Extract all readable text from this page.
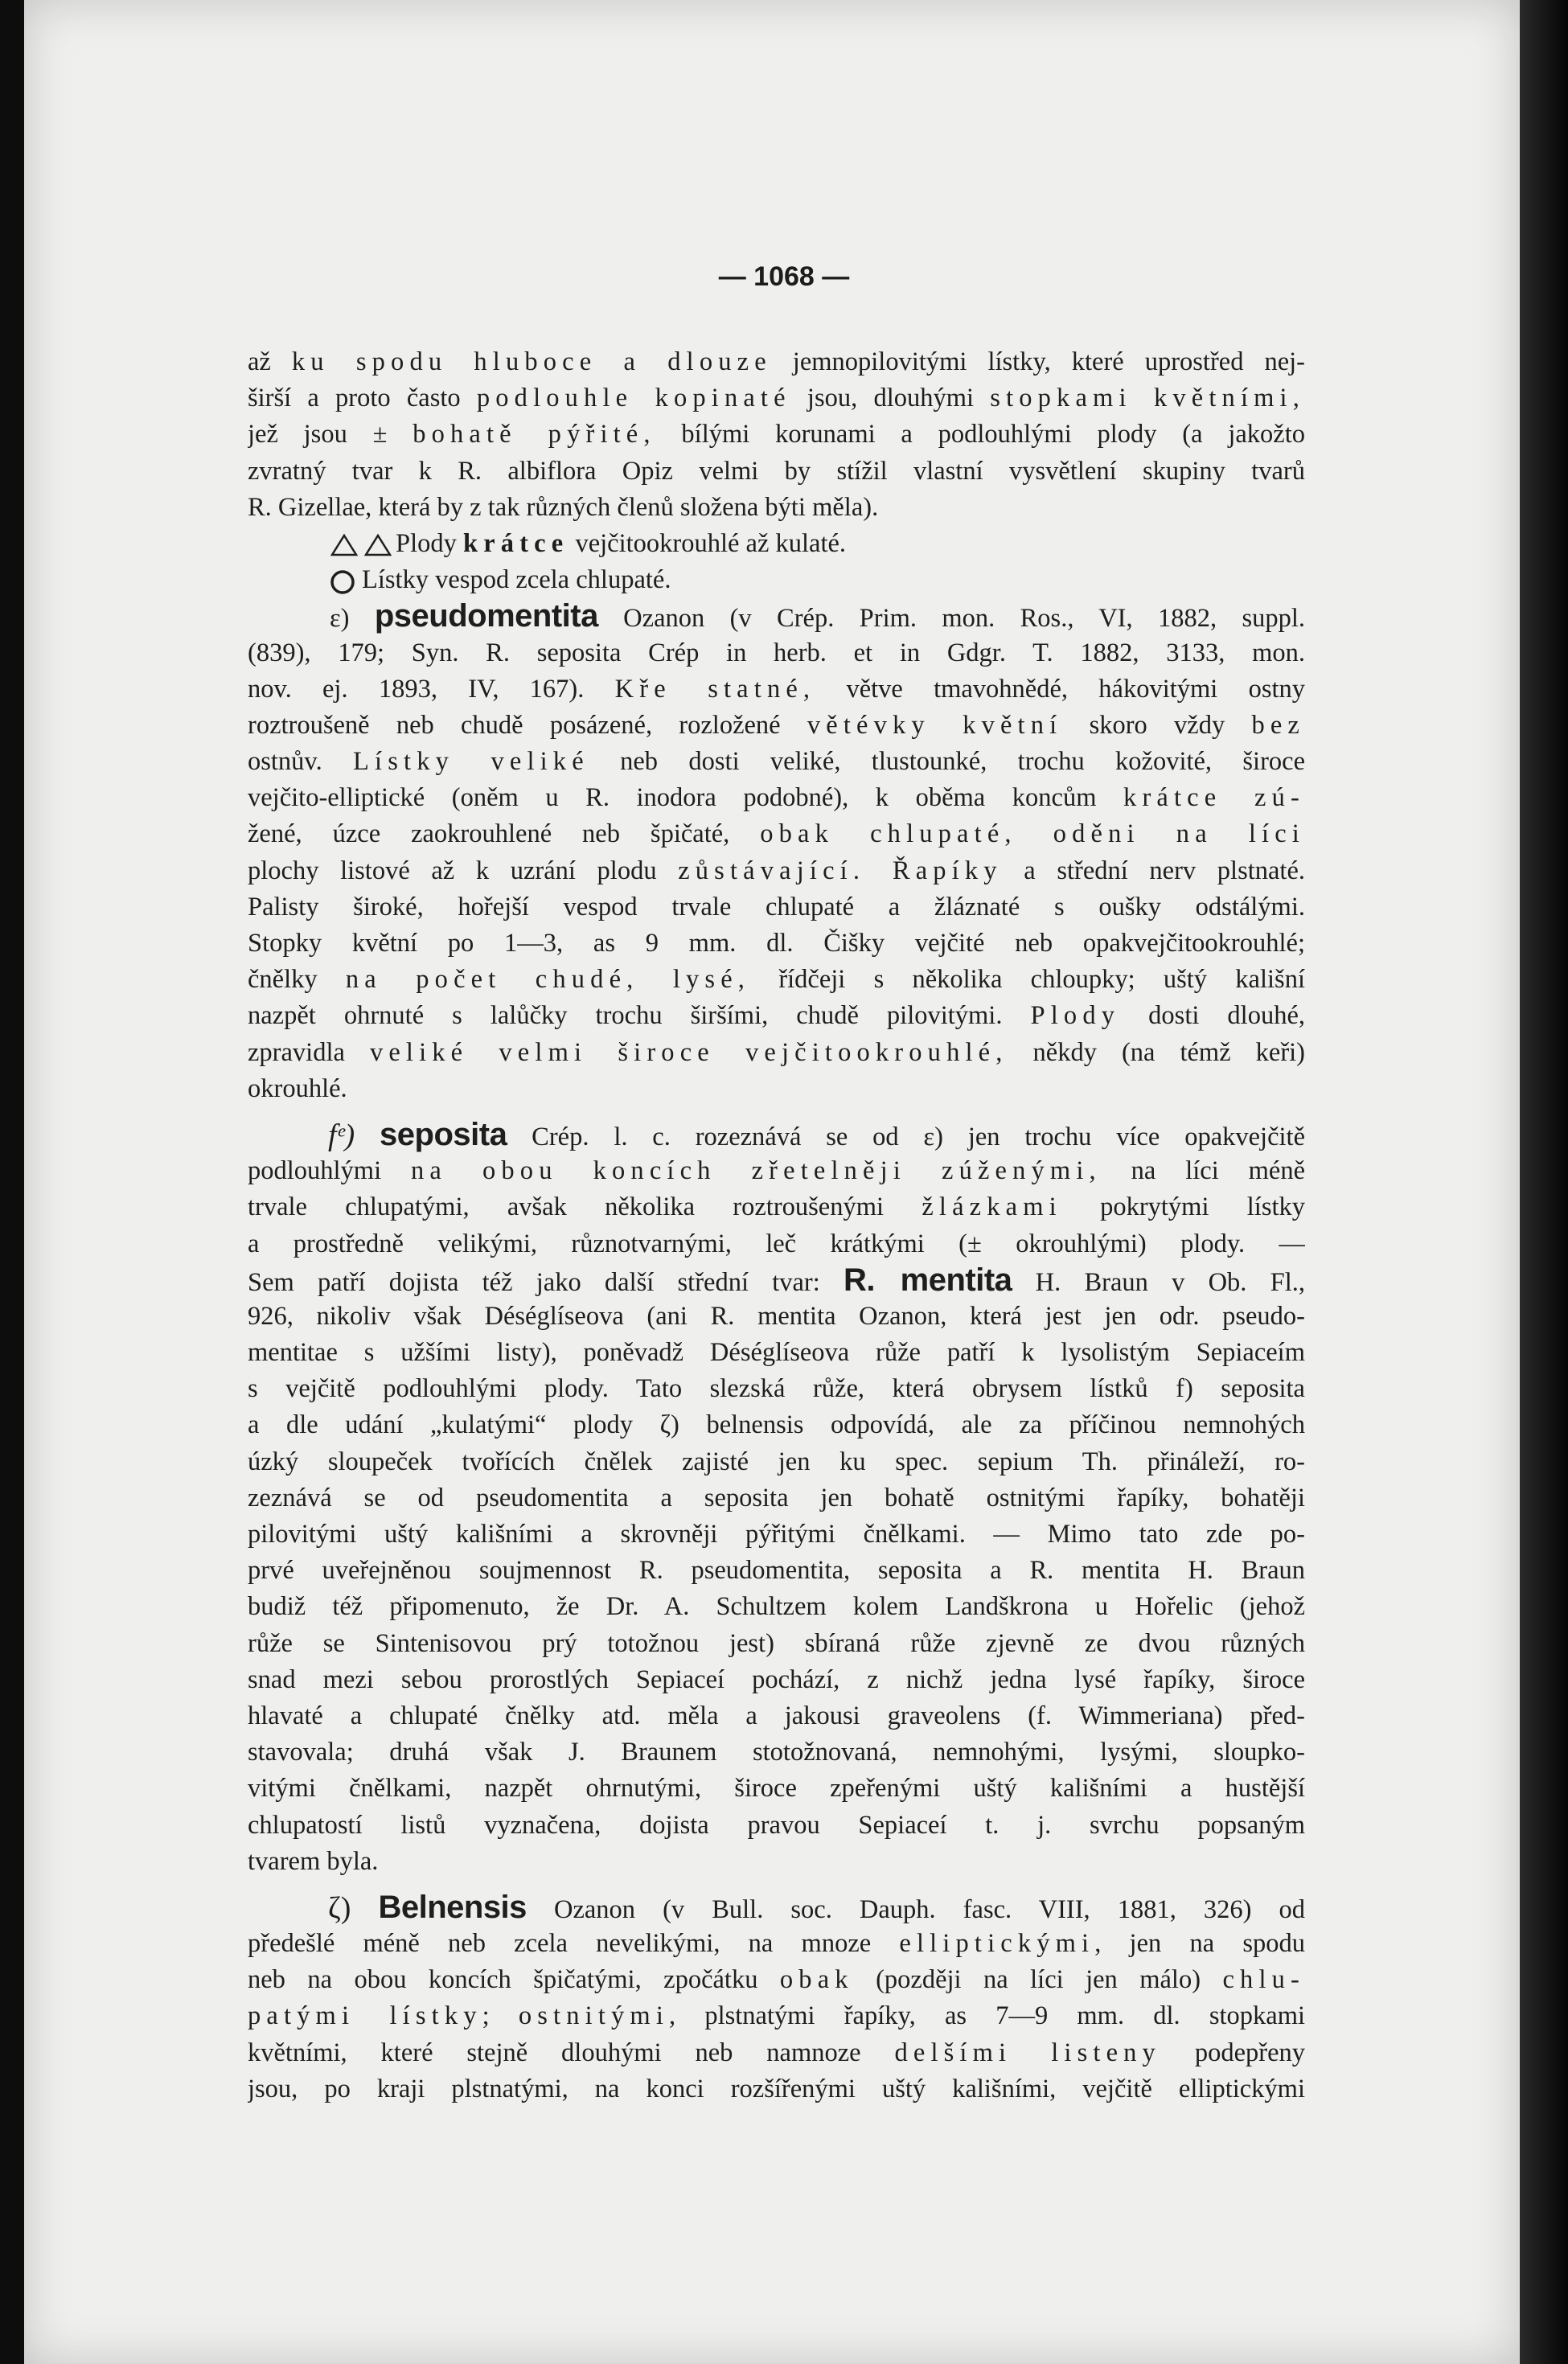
— 1068 —
až ku spodu hluboce a dlouze jemnopilovitými lístky, které uprostřed nej-
širší a proto často podlouhle kopinaté jsou, dlouhými stopkami květními,
jež jsou ± bohatě pýřité, bílými korunami a podlouhlými plody (a jakožto
zvratný tvar k R. albiflora Opiz velmi by stížil vlastní vysvětlení skupiny tvarů
R. Gizellae, která by z tak různých členů složena býti měla).
Plody krátce vejčitookrouhlé až kulaté.
Lístky vespod zcela chlupaté.
ε) pseudomentita Ozanon (v Crép. Prim. mon. Ros., VI, 1882, suppl.
(839), 179; Syn. R. seposita Crép in herb. et in Gdgr. T. 1882, 3133, mon.
nov. ej. 1893, IV, 167). Kře statné, větve tmavohnědé, hákovitými ostny
roztroušeně neb chudě posázené, rozložené větévky květní skoro vždy bez
ostnův. Lístky veliké neb dosti veliké, tlustounké, trochu kožovité, široce
vejčito-elliptické (oněm u R. inodora podobné), k oběma koncům krátce zú-
žené, úzce zaokrouhlené neb špičaté, obak chlupaté, oděni na líci
plochy listové až k uzrání plodu zůstávající. Řapíky a střední nerv plstnaté.
Palisty široké, hořejší vespod trvale chlupaté a žláznaté s oušky odstálými.
Stopky květní po 1—3, as 9 mm. dl. Čišky vejčité neb opakvejčitookrouhlé;
čnělky na počet chudé, lysé, řídčeji s několika chloupky; uštý kališní
nazpět ohrnuté s lalůčky trochu širšími, chudě pilovitými. Plody dosti dlouhé,
zpravidla veliké velmi široce vejčitookrouhlé, někdy (na témž keři)
okrouhlé.
fᵉ) seposita Crép. l. c. rozeznává se od ε) jen trochu více opakvejčitě
podlouhlými na obou koncích zřetelněji zúženými, na líci méně
trvale chlupatými, avšak několika roztroušenými žlázkami pokrytými lístky
a prostředně velikými, různotvarnými, leč krátkými (± okrouhlými) plody. —
Sem patří dojista též jako další střední tvar: R. mentita H. Braun v Ob. Fl.,
926, nikoliv však Déséglíseova (ani R. mentita Ozanon, která jest jen odr. pseudo-
mentitae s užšími listy), poněvadž Déséglíseova růže patří k lysolistým Sepiaceím
s vejčitě podlouhlými plody. Tato slezská růže, která obrysem lístků f) seposita
a dle udání „kulatými“ plody ζ) belnensis odpovídá, ale za příčinou nemnohých
úzký sloupeček tvořících čnělek zajisté jen ku spec. sepium Th. přináleží, ro-
zeznává se od pseudomentita a seposita jen bohatě ostnitými řapíky, bohatěji
pilovitými uštý kališními a skrovněji pýřitými čnělkami. — Mimo tato zde po-
prvé uveřejněnou soujmennost R. pseudomentita, seposita a R. mentita H. Braun
budiž též připomenuto, že Dr. A. Schultzem kolem Landškrona u Hořelic (jehož
růže se Sintenisovou prý totožnou jest) sbíraná růže zjevně ze dvou různých
snad mezi sebou prorostlých Sepiaceí pochází, z nichž jedna lysé řapíky, široce
hlavaté a chlupaté čnělky atd. měla a jakousi graveolens (f. Wimmeriana) před-
stavovala; druhá však J. Braunem stotožnovaná, nemnohými, lysými, sloupko-
vitými čnělkami, nazpět ohrnutými, široce zpeřenými uštý kališními a hustější
chlupatostí listů vyznačena, dojista pravou Sepiaceí t. j. svrchu popsaným
tvarem byla.
ζ) Belnensis Ozanon (v Bull. soc. Dauph. fasc. VIII, 1881, 326) od
předešlé méně neb zcela nevelikými, na mnoze elliptickými, jen na spodu
neb na obou koncích špičatými, zpočátku obak (později na líci jen málo) chlu-
patými lístky; ostnitými, plstnatými řapíky, as 7—9 mm. dl. stopkami
květními, které stejně dlouhými neb namnoze delšími listeny podepřeny
jsou, po kraji plstnatými, na konci rozšířenými uštý kališními, vejčitě elliptickými
